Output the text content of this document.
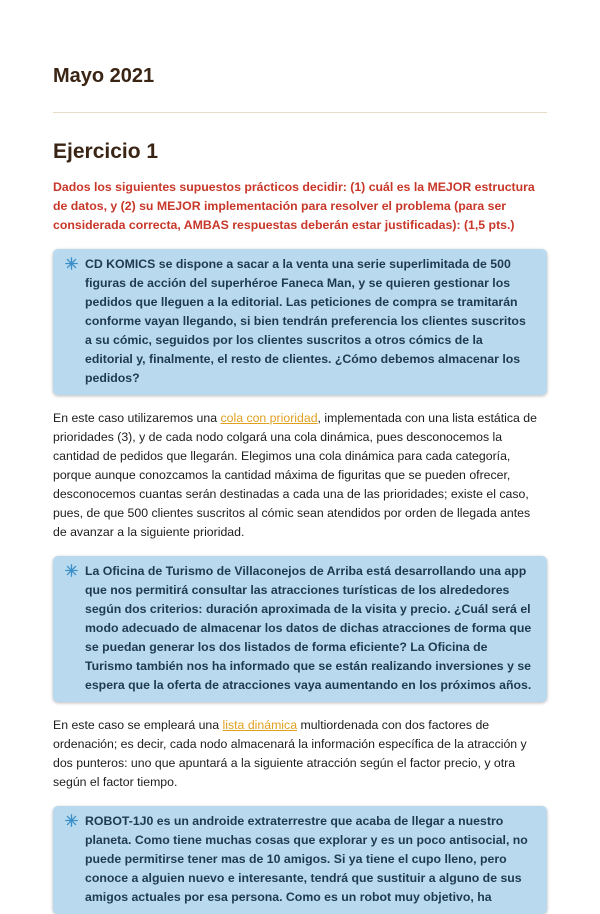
Mayo 2021
Ejercicio 1

Dados los siguientes supuestos prácticos decidir: (1) cuál es la MEJOR estructura de datos, y (2) su MEJOR implementación para resolver el problema (para ser considerada correcta, AMBAS respuestas deberán estar justificadas): (1,5 pts.)

CD KOMICS se dispone a sacar a la venta una serie superlimitada de 500 figuras de acción del superhéroe Faneca Man, y se quieren gestionar los pedidos que lleguen a la editorial. Las peticiones de compra se tramitarán conforme vayan llegando, si bien tendrán preferencia los clientes suscritos a su cómic, seguidos por los clientes suscritos a otros cómics de la editorial y, finalmente, el resto de clientes. ¿Cómo debemos almacenar los pedidos?

En este caso utilizaremos una cola con prioridad, implementada con una lista estática de prioridades (3), y de cada nodo colgará una cola dinámica, pues desconocemos la cantidad de pedidos que llegarán. Elegimos una cola dinámica para cada categoría, porque aunque conozcamos la cantidad máxima de figuritas que se pueden ofrecer, desconocemos cuantas serán destinadas a cada una de las prioridades; existe el caso, pues, de que 500 clientes suscritos al cómic sean atendidos por orden de llegada antes de avanzar a la siguiente prioridad.

La Oficina de Turismo de Villaconejos de Arriba está desarrollando una app que nos permitirá consultar las atracciones turísticas de los alrededores según dos criterios: duración aproximada de la visita y precio. ¿Cuál será el modo adecuado de almacenar los datos de dichas atracciones de forma que se puedan generar los dos listados de forma eficiente? La Oficina de Turismo también nos ha informado que se están realizando inversiones y se espera que la oferta de atracciones vaya aumentando en los próximos años.

En este caso se empleará una lista dinámica multiordenada con dos factores de ordenación; es decir, cada nodo almacenará la información específica de la atracción y dos punteros: uno que apuntará a la siguiente atracción según el factor precio, y otra según el factor tiempo.

ROBOT-1J0 es un androide extraterrestre que acaba de llegar a nuestro planeta. Como tiene muchas cosas que explorar y es un poco antisocial, no puede permitirse tener mas de 10 amigos. Si ya tiene el cupo lleno, pero conoce a alguien nuevo e interesante, tendrá que sustituir a alguno de sus amigos actuales por esa persona. Como es un robot muy objetivo, ha
